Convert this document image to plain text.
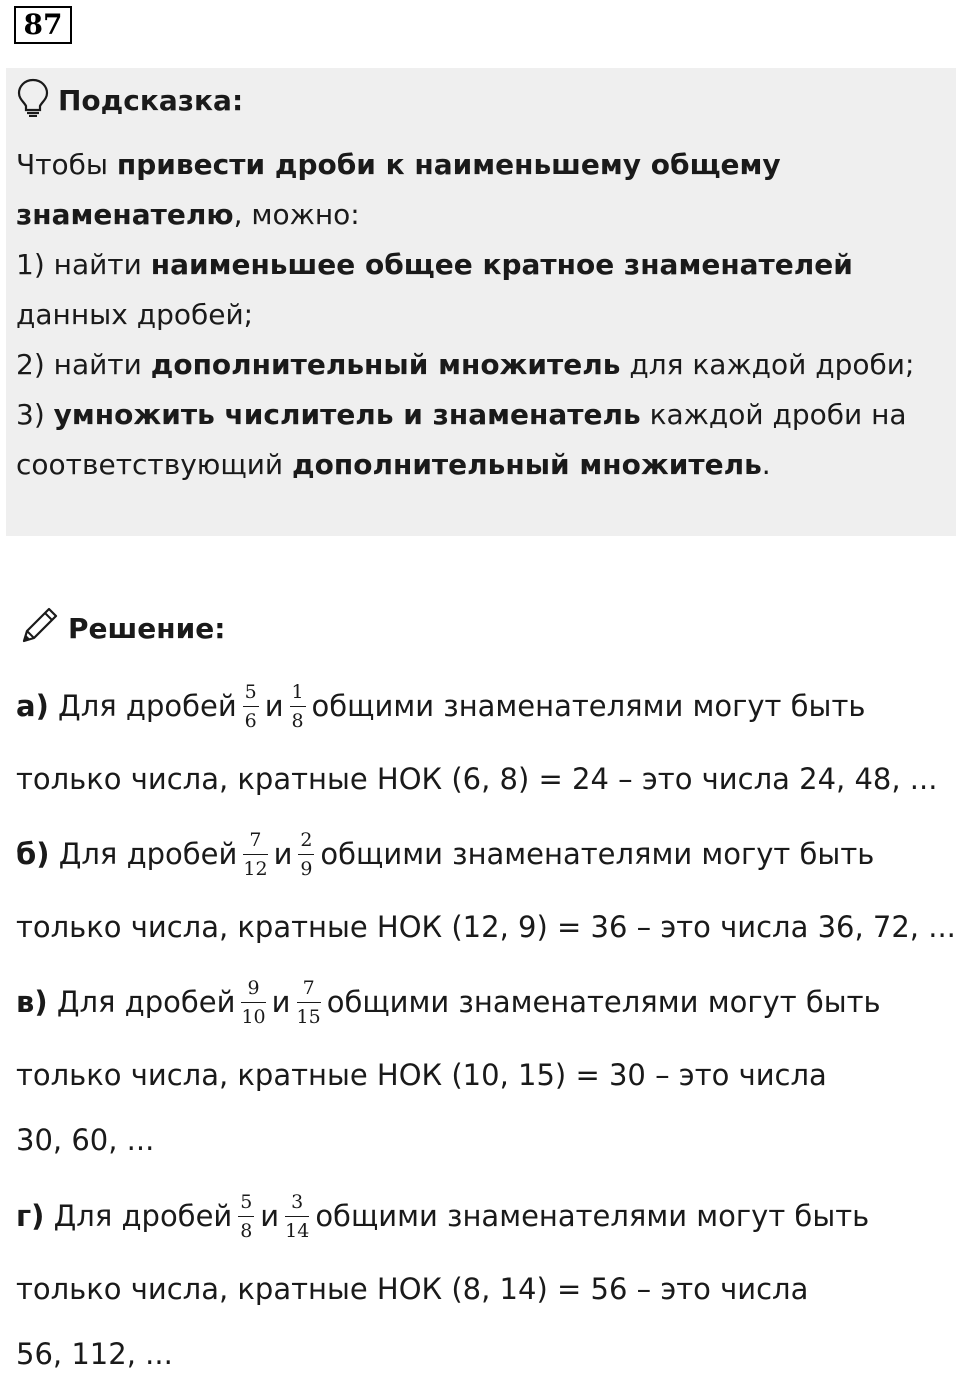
87
Подсказка:

Чтобы привести дроби к наименьшему общему знаменателю, можно:

1) найти наименьшее общее кратное знаменателей данных дробей;

2) найти дополнительный множитель для каждой дроби;

3) умножить числитель и знаменатель каждой дроби на соответствующий дополнительный множитель.

Решение:
а)
Для дробей $\frac{5}{6}$ и $\frac{1}{8}$ общими знаменателями могут быть
только числа, кратные НОК (6, 8) = 24 – это числа 24, 48, ...
б)
Для дробей $\frac{7}{12}$ и $\frac{2}{9}$ общими знаменателями могут быть
только числа, кратные НОК (12, 9) = 36 – это числа 36, 72, ...
в)
Для дробей $\frac{9}{10}$ и $\frac{7}{15}$ общими знаменателями могут быть
только числа, кратные НОК (10, 15) = 30 – это числа
30, 60, ...
г)
Для дробей $\frac{5}{8}$ и $\frac{3}{14}$ общими знаменателями могут быть
только числа, кратные НОК (8, 14) = 56 – это числа
56, 112, ...
